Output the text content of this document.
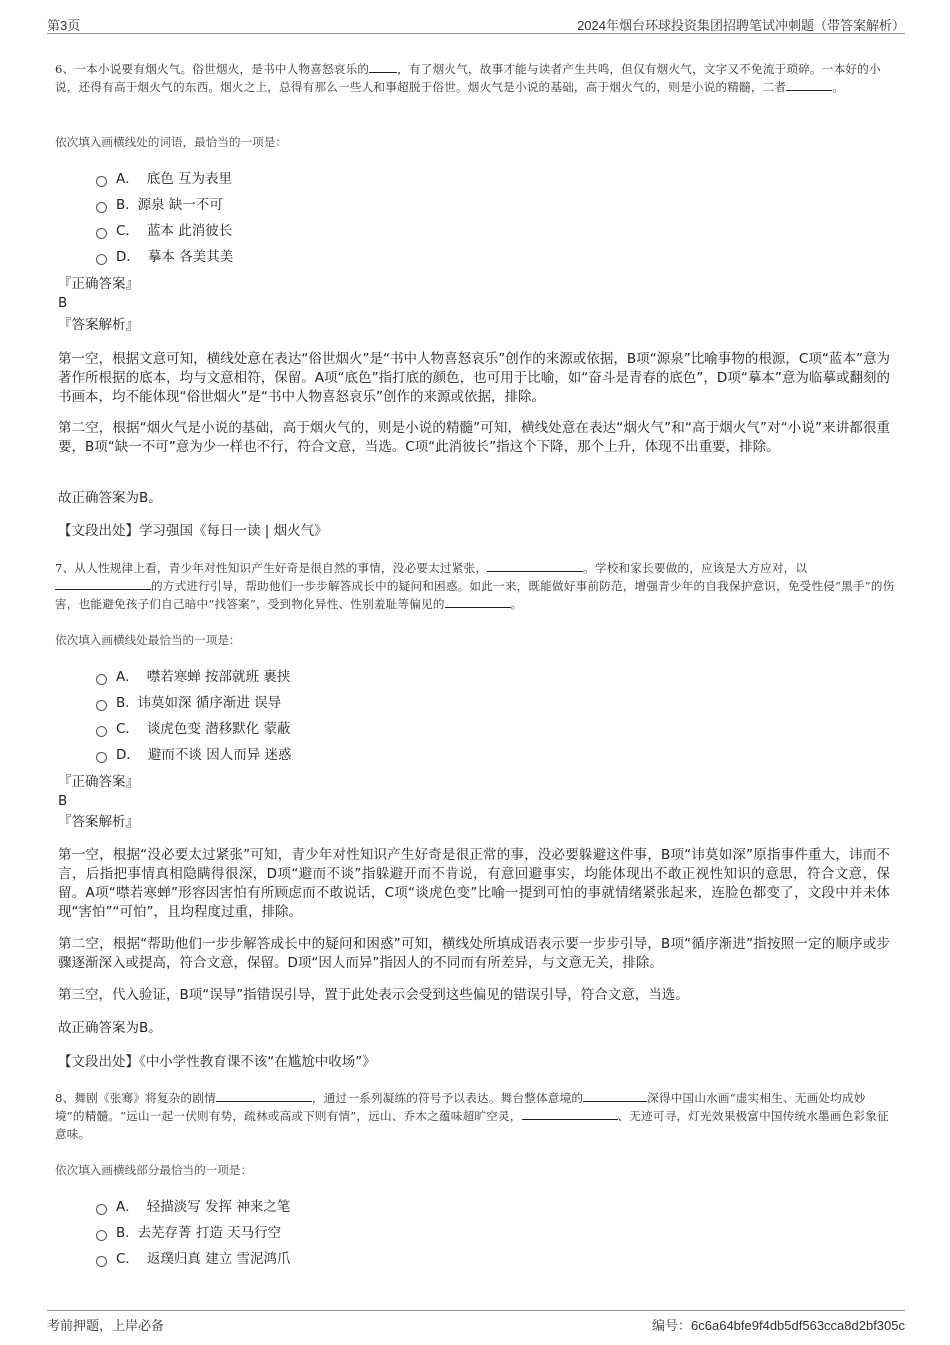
第3页	2024年烟台环球投资集团招聘笔试冲刺题（带答案解析）
6、一本小说要有烟火气。俗世烟火，是书中人物喜怒哀乐的 ，有了烟火气，故事才能与读者产生共鸣，但仅有烟火气，文字又不免流于琐碎。一本好的小说，还得有高于烟火气的东西。烟火之上，总得有那么一些人和事超脱于俗世。烟火气是小说的基础，高于烟火气的，则是小说的精髓，二者	。
依次填入画横线处的词语，最恰当的一项是：
A． 底色 互为表里
B. 源泉 缺一不可
C． 蓝本 此消彼长
D． 摹本 各美其美
『正确答案』
B
『答案解析』
第一空，根据文意可知，横线处意在表达“俗世烟火”是“书中人物喜怒哀乐”创作的来源或依据，B项“源泉”比喻事物的根源，C项“蓝本”意为著作所根据的底本，均与文意相符，保留。A项“底色”指打底的颜色，也可用于比喻，如“奋斗是青春的底色”，D项“摹本”意为临摹或翻刻的书画本，均不能体现“俗世烟火”是“书中人物喜怒哀乐”创作的来源或依据，排除。
第二空，根据“烟火气是小说的基础，高于烟火气的，则是小说的精髓”可知，横线处意在表达“烟火气”和“高于烟火气”对“小说”来讲都很重要，B项“缺一不可”意为少一样也不行，符合文意，当选。C项“此消彼长”指这个下降，那个上升，体现不出重要，排除。
故正确答案为B。
【文段出处】学习强国《每日一读 | 烟火气》
7、从人性规律上看，青少年对性知识产生好奇是很自然的事情，没必要太过紧张，	。学校和家长要做的，应该是大方应对，以的方式进行引导，帮助他们一步步解答成长中的疑问和困惑。如此一来，既能做好事前防范，增强青少年的自我保护意识，免受性侵“黑手”的伤害，也能避免孩子们自己暗中“找答案”，受到物化异性、性别羞耻等偏见的	。
依次填入画横线处最恰当的一项是：
A． 噤若寒蝉 按部就班 裹挟
B. 讳莫如深 循序渐进 误导
C． 谈虎色变 潜移默化 蒙蔽
D． 避而不谈 因人而异 迷惑
『正确答案』
B
『答案解析』
第一空，根据“没必要太过紧张”可知，青少年对性知识产生好奇是很正常的事，没必要躲避这件事，B项“讳莫如深”原指事件重大，讳而不言，后指把事情真相隐瞒得很深，D项“避而不谈”指躲避开而不肯说，有意回避事实，均能体现出不敢正视性知识的意思，符合文意，保留。A项“噤若寒蝉”形容因害怕有所顾虑而不敢说话，C项“谈虎色变”比喻一提到可怕的事就情绪紧张起来，连脸色都变了，文段中并未体现“害怕”“可怕”，且均程度过重，排除。
第二空，根据“帮助他们一步步解答成长中的疑问和困惑”可知，横线处所填成语表示要一步步引导，B项“循序渐进”指按照一定的顺序或步骤逐渐深入或提高，符合文意，保留。D项“因人而异”指因人的不同而有所差异，与文意无关，排除。
第三空，代入验证，B项“误导”指错误引导，置于此处表示会受到这些偏见的错误引导，符合文意，当选。
故正确答案为B。
【文段出处】《中小学性教育课不该“在尴尬中收场”》
8、舞剧《张骞》将复杂的剧情	，通过一系列凝练的符号予以表达。舞台整体意境的	深得中国山水画“虚实相生、无画处均成妙境”的精髓。“远山一起一伏则有势，疏林或高或下则有情”，远山、乔木之蕴味超旷空灵，	、无迹可寻，灯光效果极富中国传统水墨画色彩象征意味。
依次填入画横线部分最恰当的一项是：
A． 轻描淡写 发挥 神来之笔
B. 去芜存菁 打造 天马行空
C． 返璞归真 建立 雪泥鸿爪
考前押题，上岸必备	编号：6c6a64bfe9f4db5df563cca8d2bf305c
